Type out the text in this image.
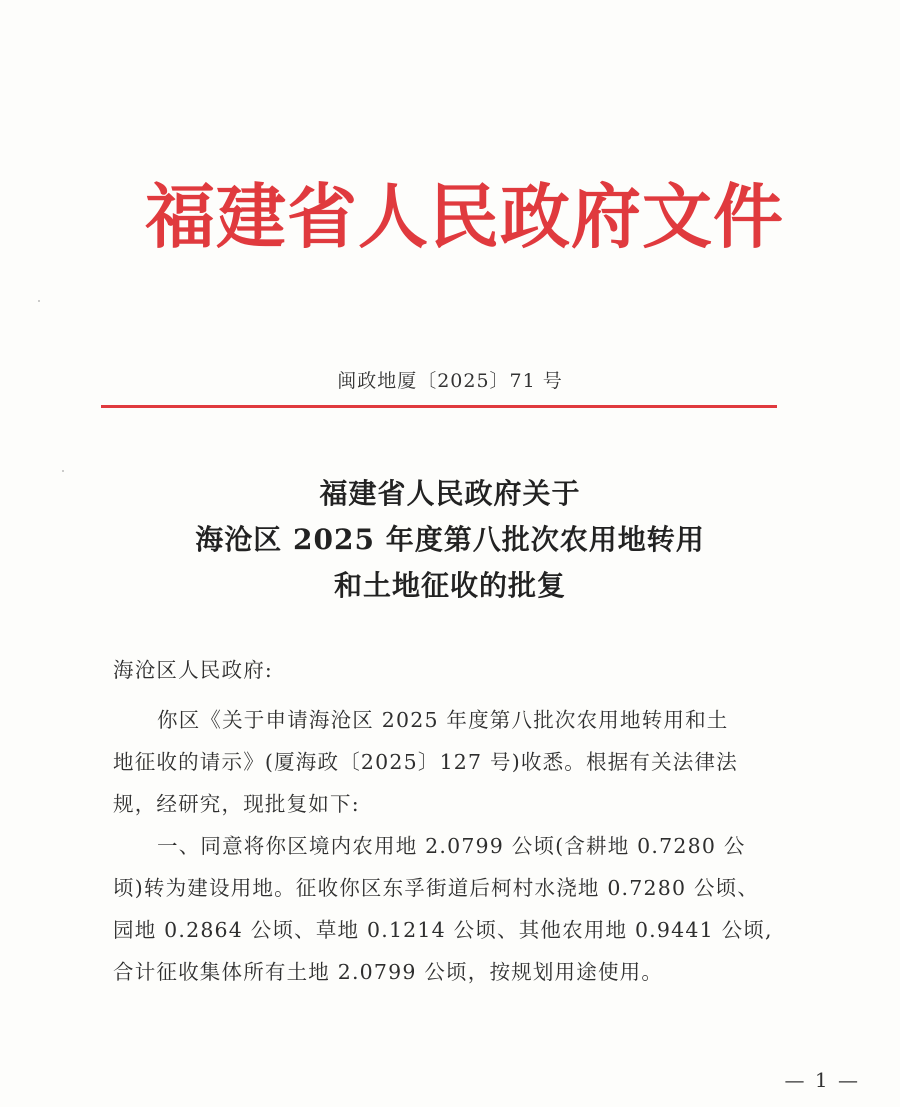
福建省人民政府文件
闽政地厦〔2025〕71 号
福建省人民政府关于
海沧区 2025 年度第八批次农用地转用
和土地征收的批复
海沧区人民政府:
你区《关于申请海沧区 2025 年度第八批次农用地转用和土
地征收的请示》(厦海政〔2025〕127 号)收悉。根据有关法律法
规，经研究，现批复如下:
一、同意将你区境内农用地 2.0799 公顷(含耕地 0.7280 公
顷)转为建设用地。征收你区东孚街道后柯村水浇地 0.7280 公顷、
园地 0.2864 公顷、草地 0.1214 公顷、其他农用地 0.9441 公顷,
合计征收集体所有土地 2.0799 公顷，按规划用途使用。
— 1 —
